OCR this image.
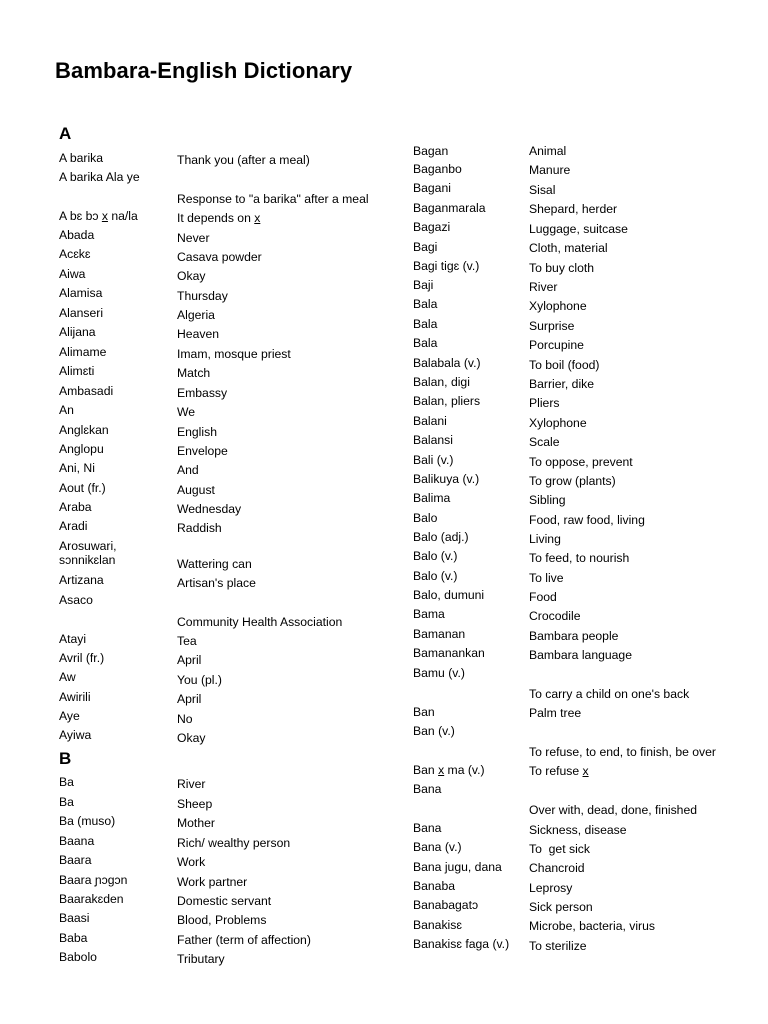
Bambara-English Dictionary
A
B
A barika
A barika Ala ye
A bɛ bɔ x na/la
Abada
Acɛkɛ
Aiwa
Alamisa
Alanseri
Alijana
Alimame
Alimɛti
Ambasadi
An
Anglɛkan
Anglopu
Ani, Ni
Aout (fr.)
Araba
Aradi
Arosuwari, sɔnnikɛlan
Artizana
Asaco
Atayi
Avril (fr.)
Aw
Awirili
Aye
Ayiwa
Ba
Ba
Ba (muso)
Baana
Baara
Baara ɲɔgɔn
Baarakɛden
Baasi
Baba
Babolo
Thank you (after a meal)
Response to "a barika" after a meal
It depends on x
Never
Casava powder
Okay
Thursday
Algeria
Heaven
Imam, mosque priest
Match
Embassy
We
English
Envelope
And
August
Wednesday
Raddish
Wattering can
Artisan's place
Community Health Association
Tea
April
You (pl.)
April
No
Okay
River
Sheep
Mother
Rich/ wealthy person
Work
Work partner
Domestic servant
Blood, Problems
Father (term of affection)
Tributary
Bagan
Baganbo
Bagani
Baganmarala
Bagazi
Bagi
Bagi tigɛ (v.)
Baji
Bala
Bala
Bala
Balabala (v.)
Balan, digi
Balan, pliers
Balani
Balansi
Bali (v.)
Balikuya (v.)
Balima
Balo
Balo (adj.)
Balo (v.)
Balo (v.)
Balo, dumuni
Bama
Bamanan
Bamanankan
Bamu (v.)
Ban
Ban (v.)
Ban x ma (v.)
Bana
Bana
Bana (v.)
Bana jugu, dana
Banaba
Banabagatɔ
Banakisɛ
Banakisɛ faga (v.)
Animal
Manure
Sisal
Shepard, herder
Luggage, suitcase
Cloth, material
To buy cloth
River
Xylophone
Surprise
Porcupine
To boil (food)
Barrier, dike
Pliers
Xylophone
Scale
To oppose, prevent
To grow (plants)
Sibling
Food, raw food, living
Living
To feed, to nourish
To live
Food
Crocodile
Bambara people
Bambara language
To carry a child on one's back
Palm tree
To refuse, to end, to finish, be over
To refuse x
Over with, dead, done, finished
Sickness, disease
To  get sick
Chancroid
Leprosy
Sick person
Microbe, bacteria, virus
To sterilize
